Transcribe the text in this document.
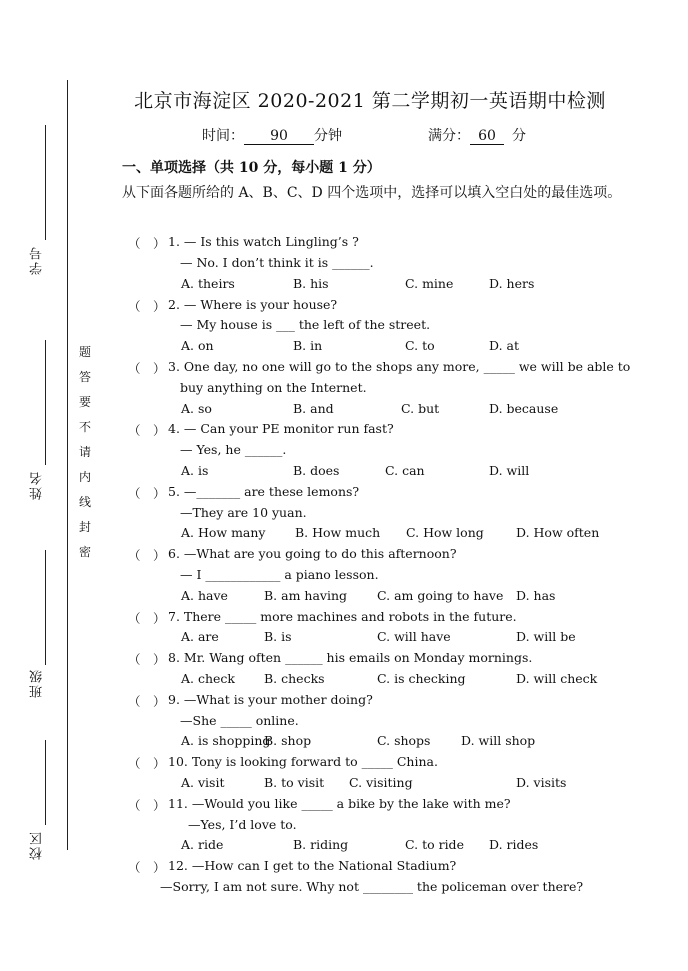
学号
姓名
班级
校区
题
答
要
不
请
内
线
封
密
北京市海淀区 2020-2021 第二学期初一英语期中检测
时间： 90 分钟	满分： 60 分
一、单项选择（共 10 分，每小题 1 分）
从下面各题所给的 A、B、C、D 四个选项中，选择可以填入空白处的最佳选项。
（　） 1. — Is this watch Lingling’s ?
— No. I don’t think it is ______.
A. theirs	B. his	C. mine	D. hers
（　） 2. — Where is your house?
— My house is ___ the left of the street.
A. on	B. in	C. to	D. at
（　） 3. One day, no one will go to the shops any more, _____ we will be able to
buy anything on the Internet.
A. so	B. and	C. but	D. because
（　） 4. — Can your PE monitor run fast?
— Yes, he ______.
A. is	B. does	C. can	D. will
（　） 5. —_______ are these lemons?
—They are 10 yuan.
A. How many B. How much C. How long	D. How often
（　） 6. —What are you going to do this afternoon?
— I ____________ a piano lesson.
A. have	B. am having C. am going to have D. has
（　） 7. There _____ more machines and robots in the future.
A. are	B. is	C. will have	D. will be
（　） 8. Mr. Wang often ______ his emails on Monday mornings.
A. check B. checks	C. is checking	D. will check
（　） 9. —What is your mother doing?
—She _____ online.
A. is shopping
B. shop	C. shops D. will shop
（　） 10. Tony is looking forward to _____ China.
A. visit	B. to visit C. visiting	D. visits
（　） 11. —Would you like _____ a bike by the lake with me?
—Yes, I’d love to.
A. ride	B. riding	C. to ride D. rides
（　） 12. —How can I get to the National Stadium?
—Sorry, I am not sure. Why not ________ the policeman over there?
